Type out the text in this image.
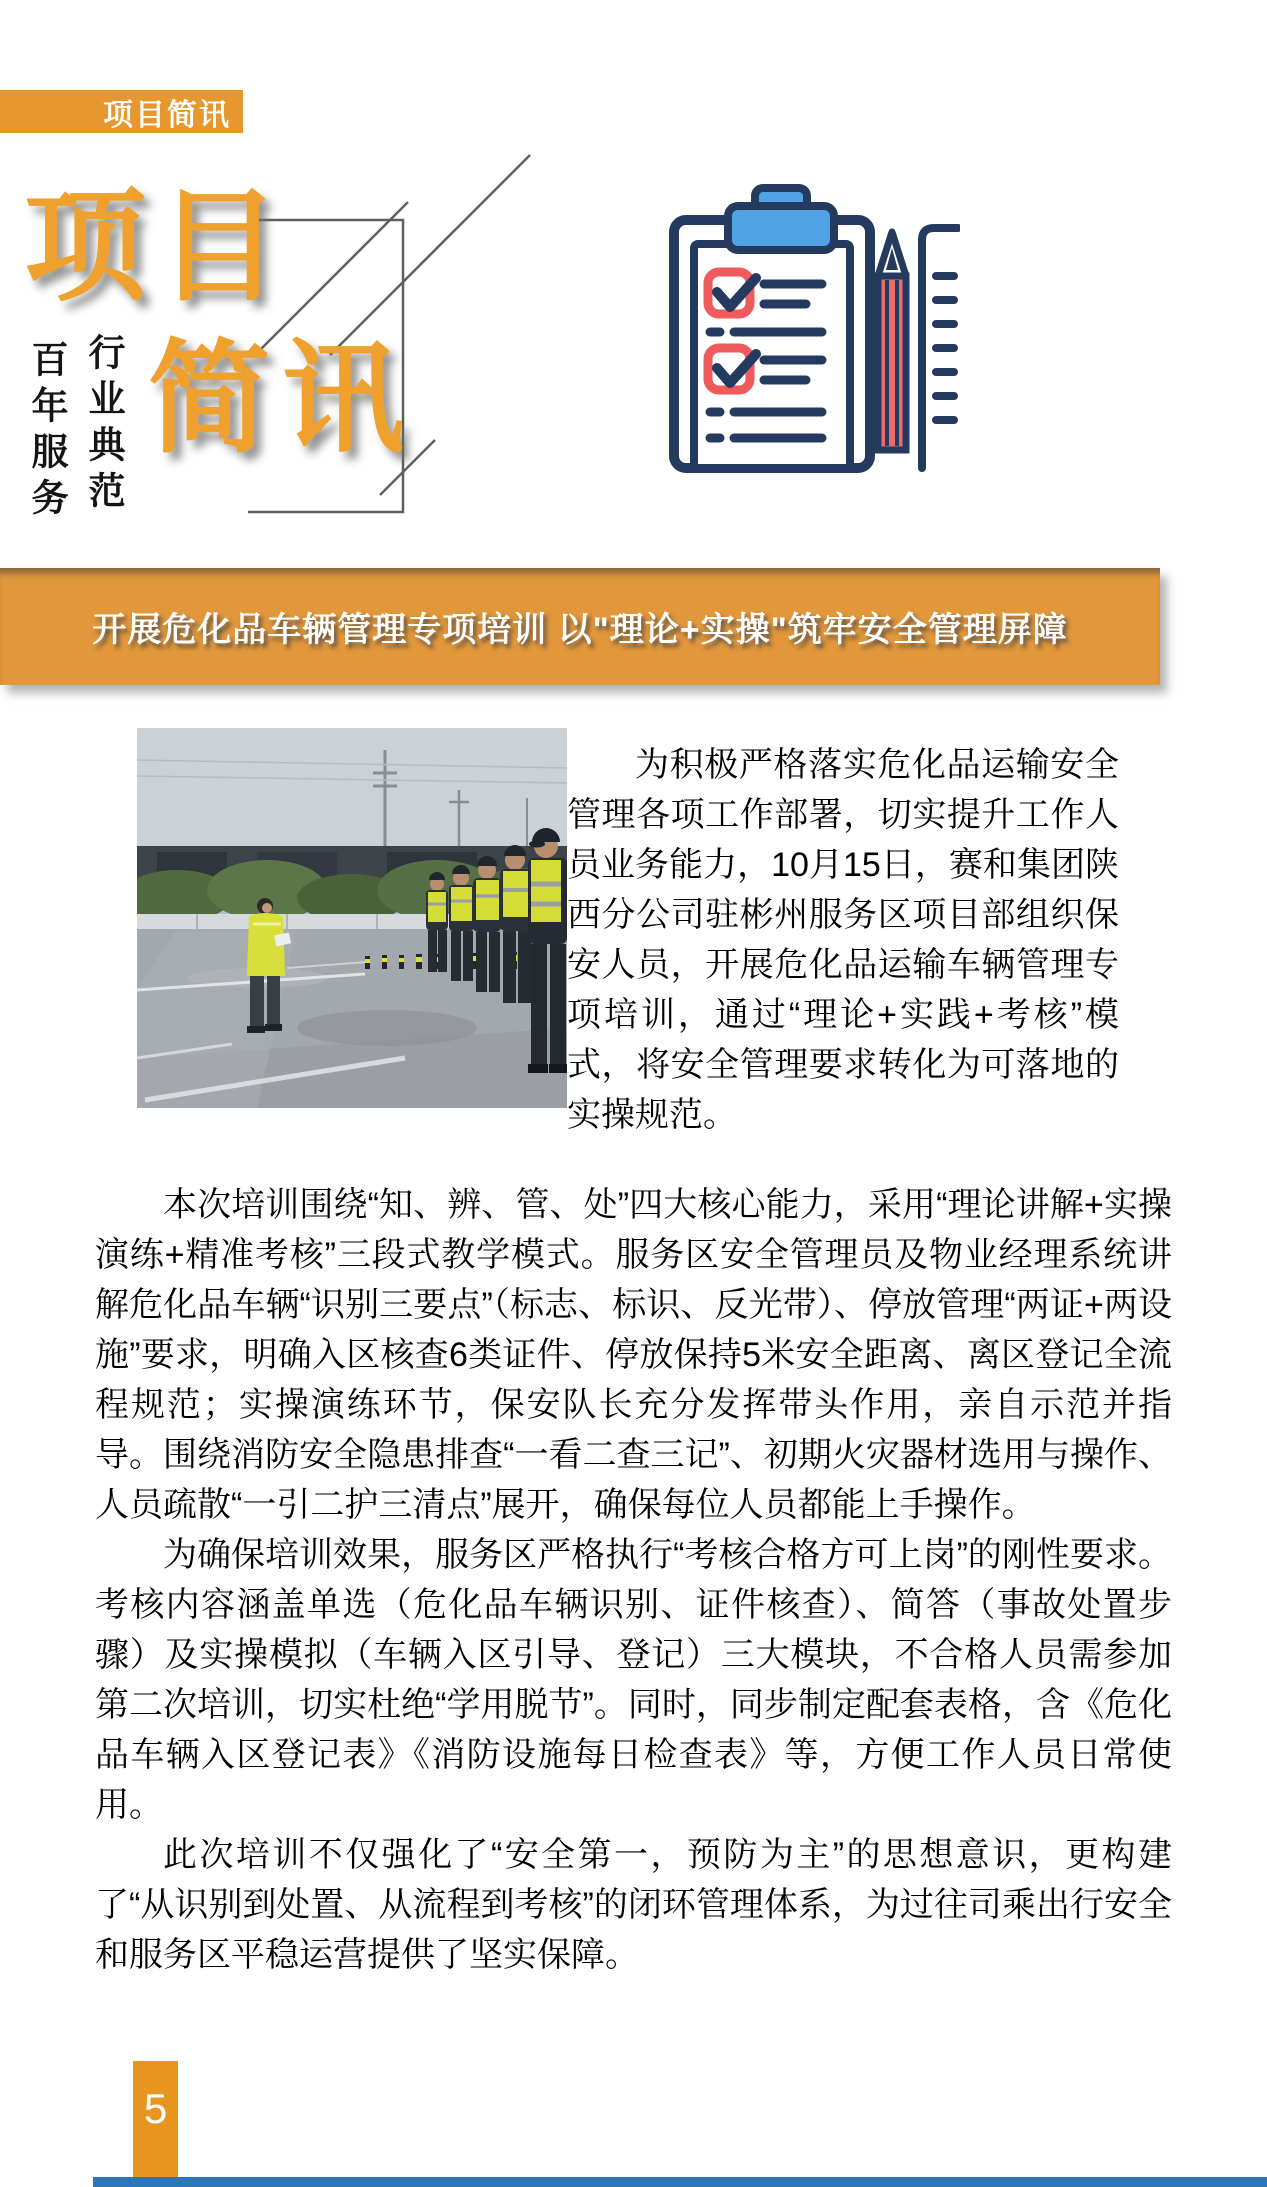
项目简讯
项目
简讯
百年服务 行业典范
开展危化品车辆管理专项培训 以"理论+实操"筑牢安全管理屏障

为积极严格落实危化品运输安全管理各项工作部署，切实提升工作人员业务能力，10月15日，赛和集团陕西分公司驻彬州服务区项目部组织保安人员，开展危化品运输车辆管理专项培训，通过“理论+实践+考核”模式，将安全管理要求转化为可落地的实操规范。

本次培训围绕“知、辨、管、处”四大核心能力，采用“理论讲解+实操演练+精准考核”三段式教学模式。服务区安全管理员及物业经理系统讲解危化品车辆“识别三要点”（标志、标识、反光带）、停放管理“两证+两设施”要求，明确入区核查6类证件、停放保持5米安全距离、离区登记全流程规范；实操演练环节，保安队长充分发挥带头作用，亲自示范并指导。围绕消防安全隐患排查“一看二查三记”、初期火灾器材选用与操作、人员疏散“一引二护三清点”展开，确保每位人员都能上手操作。

为确保培训效果，服务区严格执行“考核合格方可上岗”的刚性要求。考核内容涵盖单选（危化品车辆识别、证件核查）、简答（事故处置步骤）及实操模拟（车辆入区引导、登记）三大模块，不合格人员需参加第二次培训，切实杜绝“学用脱节”。同时，同步制定配套表格，含《危化品车辆入区登记表》《消防设施每日检查表》等，方便工作人员日常使用。

此次培训不仅强化了“安全第一，预防为主”的思想意识，更构建了“从识别到处置、从流程到考核”的闭环管理体系，为过往司乘出行安全和服务区平稳运营提供了坚实保障。

5
